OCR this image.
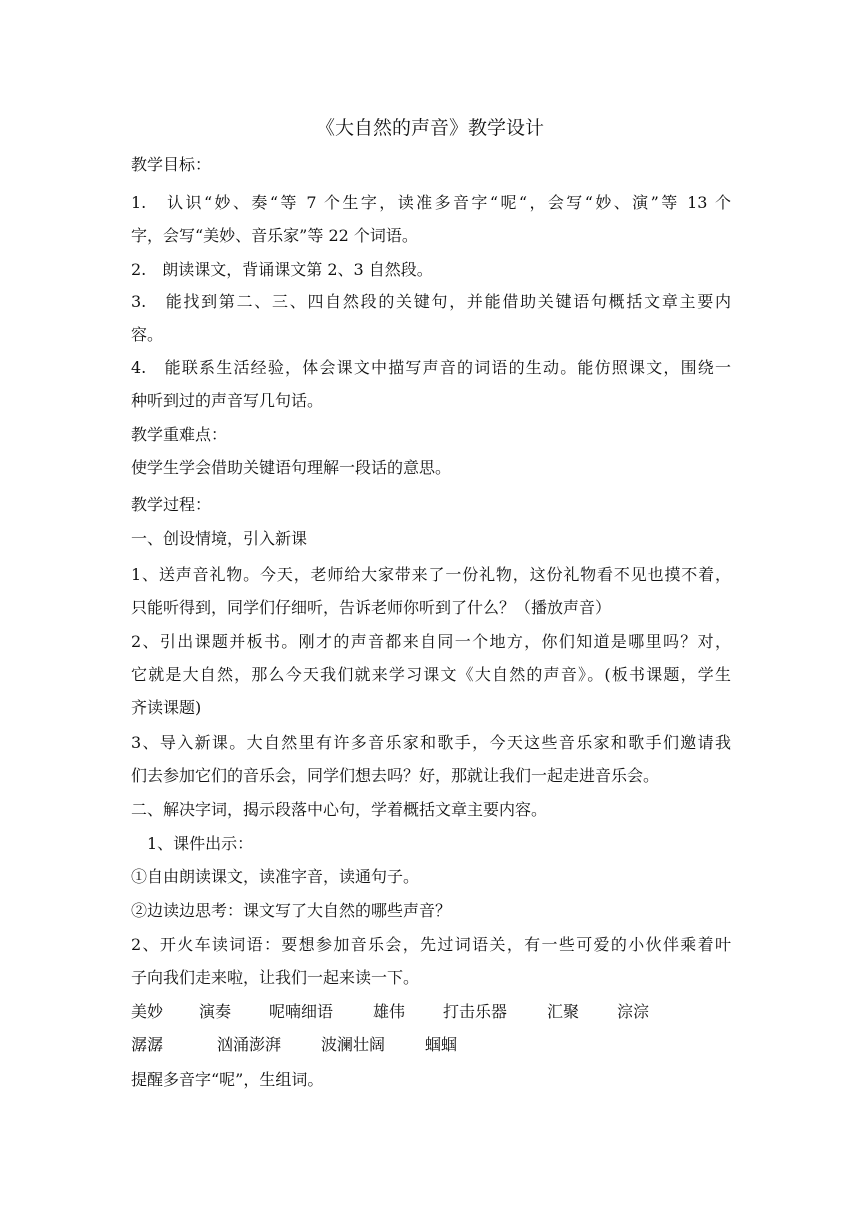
《大自然的声音》教学设计
教学目标：
1.　认识“妙、奏“等 7 个生字，读准多音字“呢“，会写“妙、演”等 13 个
字，会写“美妙、音乐家”等 22 个词语。
2.　朗读课文，背诵课文第 2、3 自然段。
3.　能找到第二、三、四自然段的关键句，并能借助关键语句概括文章主要内
容。
4.　能联系生活经验，体会课文中描写声音的词语的生动。能仿照课文，围绕一
种听到过的声音写几句话。
教学重难点：
使学生学会借助关键语句理解一段话的意思。
教学过程：
一、创设情境，引入新课
1、送声音礼物。今天，老师给大家带来了一份礼物，这份礼物看不见也摸不着，
只能听得到，同学们仔细听，告诉老师你听到了什么？（播放声音）
2、引出课题并板书。刚才的声音都来自同一个地方，你们知道是哪里吗？对，
它就是大自然，那么今天我们就来学习课文《大自然的声音》。(板书课题，学生
齐读课题)
3、导入新课。大自然里有许多音乐家和歌手，今天这些音乐家和歌手们邀请我
们去参加它们的音乐会，同学们想去吗？好，那就让我们一起走进音乐会。
二、解决字词，揭示段落中心句，学着概括文章主要内容。
1、课件出示：
①自由朗读课文，读准字音，读通句子。
②边读边思考：课文写了大自然的哪些声音？
2、开火车读词语：要想参加音乐会，先过词语关，有一些可爱的小伙伴乘着叶
子向我们走来啦，让我们一起来读一下。
美妙 演奏 呢喃细语 雄伟 打击乐器 汇聚 淙淙
潺潺	汹涌澎湃 波澜壮阔 蝈蝈
提醒多音字“呢”，生组词。
